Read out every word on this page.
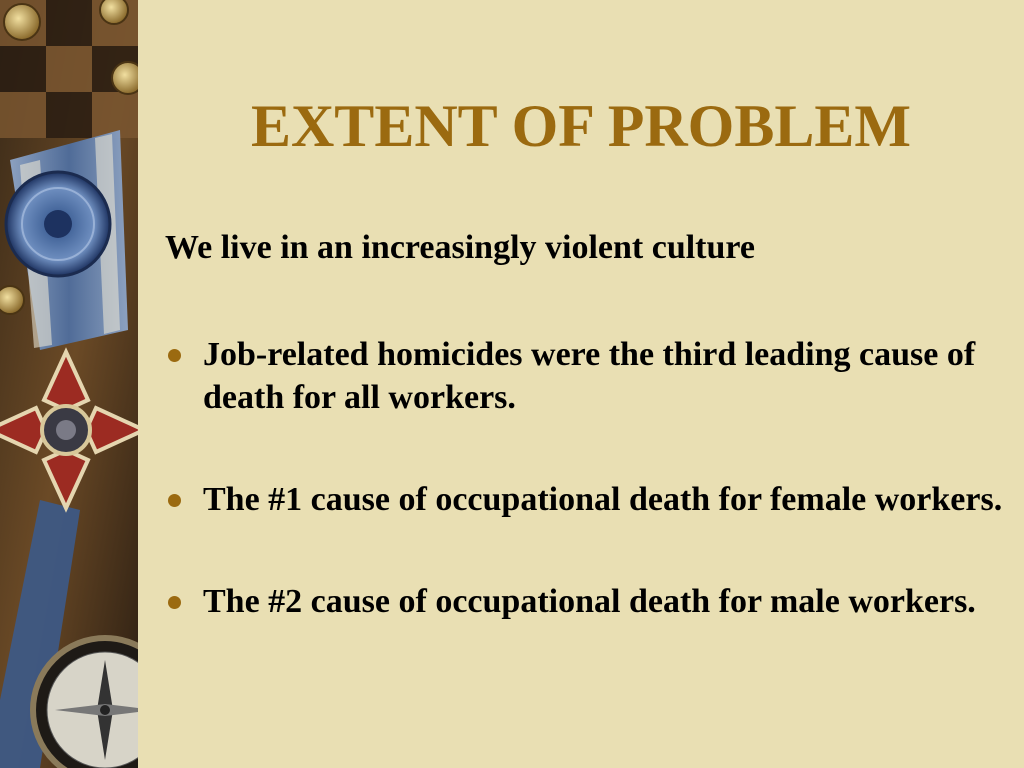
EXTENT OF PROBLEM

We live in an increasingly violent culture

Job-related homicides were the third leading cause of death for all workers.
The #1 cause of occupational death for female workers.
The #2 cause of occupational death for male workers.
